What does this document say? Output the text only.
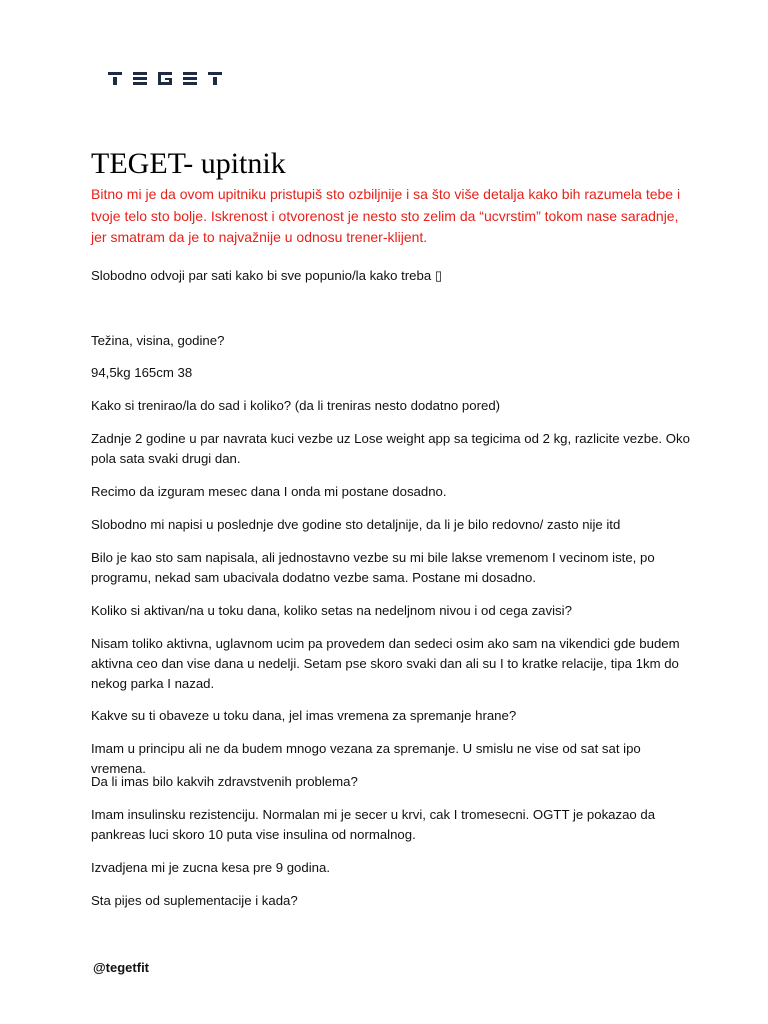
TEGET- upitnik

Bitno mi je da ovom upitniku pristupiš sto ozbiljnije i sa što više detalja kako bih razumela tebe i tvoje telo sto bolje. Iskrenost i otvorenost je nesto sto zelim da “ucvrstim” tokom nase saradnje, jer smatram da je to najvažnije u odnosu trener-klijent.

Slobodno odvoji par sati kako bi sve popunio/la kako treba ▯

Težina, visina, godine?

94,5kg 165cm 38

Kako si trenirao/la do sad i koliko? (da li treniras nesto dodatno pored)

Zadnje 2 godine u par navrata kuci vezbe uz Lose weight app sa tegicima od 2 kg, razlicite vezbe. Oko pola sata svaki drugi dan.

Recimo da izguram mesec dana I onda mi postane dosadno.

Slobodno mi napisi u poslednje dve godine sto detaljnije, da li je bilo redovno/ zasto nije itd

Bilo je kao sto sam napisala, ali jednostavno vezbe su mi bile lakse vremenom I vecinom iste, po programu, nekad sam ubacivala dodatno vezbe sama. Postane mi dosadno.

Koliko si aktivan/na u toku dana, koliko setas na nedeljnom nivou i od cega zavisi?

Nisam toliko aktivna, uglavnom ucim pa provedem dan sedeci osim ako sam na vikendici gde budem aktivna ceo dan vise dana u nedelji. Setam pse skoro svaki dan ali su I to kratke relacije, tipa 1km do nekog parka I nazad.

Kakve su ti obaveze u toku dana, jel imas vremena za spremanje hrane?

Imam u principu ali ne da budem mnogo vezana za spremanje. U smislu ne vise od sat sat ipo vremena.

Da li imas bilo kakvih zdravstvenih problema?

Imam insulinsku rezistenciju. Normalan mi je secer u krvi, cak I tromesecni. OGTT je pokazao da pankreas luci skoro 10 puta vise insulina od normalnog.

Izvadjena mi je zucna kesa pre 9 godina.

Sta pijes od suplementacije i kada?

@tegetfit
